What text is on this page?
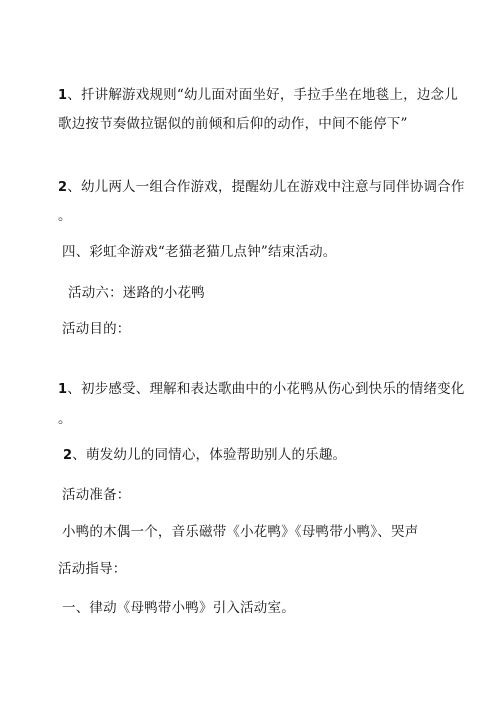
1、扦讲解游戏规则“幼儿面对面坐好，手拉手坐在地毯上，边念儿
歌边按节奏做拉锯似的前倾和后仰的动作，中间不能停下”
2、幼儿两人一组合作游戏，提醒幼儿在游戏中注意与同伴协调合作
。
四、彩虹伞游戏“老猫老猫几点钟”结束活动。
活动六：迷路的小花鸭
活动目的：
1、初步感受、理解和表达歌曲中的小花鸭从伤心到快乐的情绪变化
。
2、萌发幼儿的同情心，体验帮助别人的乐趣。
活动准备：
小鸭的木偶一个，音乐磁带《小花鸭》《母鸭带小鸭》、哭声
活动指导：
一、律动《母鸭带小鸭》引入活动室。
